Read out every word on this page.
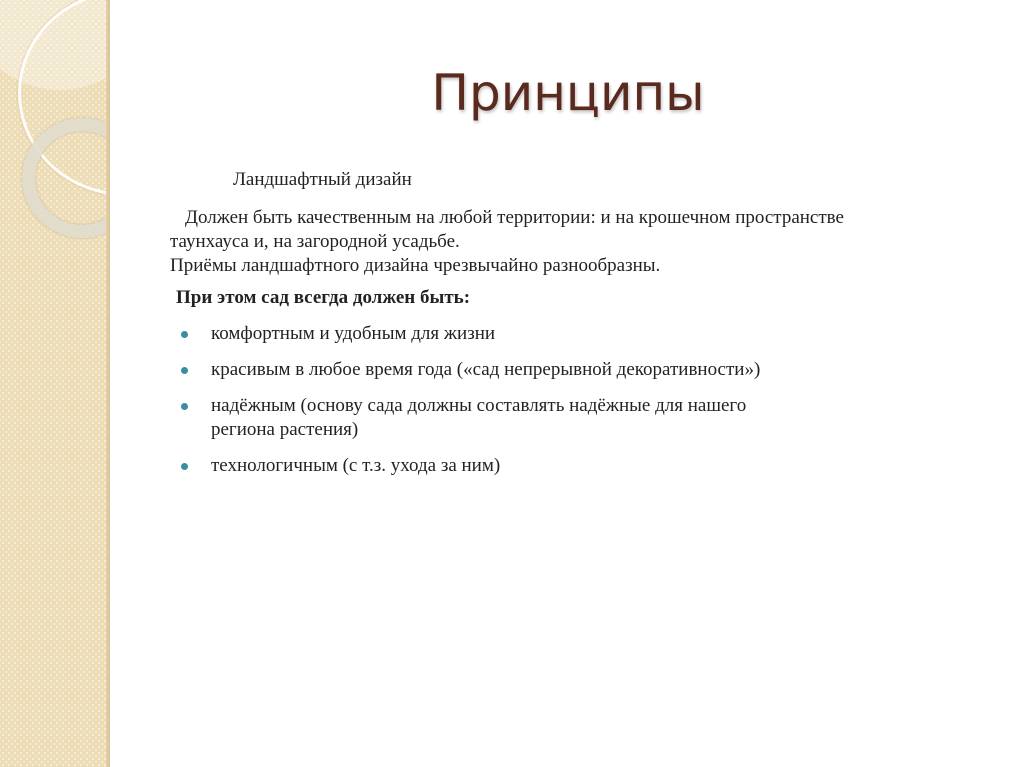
Принципы
Ландшафтный дизайн
Должен быть качественным на любой территории: и на крошечном пространстве
таунхауса и, на загородной усадьбе.
Приёмы ландшафтного дизайна чрезвычайно разнообразны.
При этом сад всегда должен быть:
комфортным и удобным для жизни
красивым в любое время года («сад непрерывной декоративности»)
надёжным (основу сада должны составлять надёжные для нашего региона растения)
технологичным (с т.з. ухода за ним)
